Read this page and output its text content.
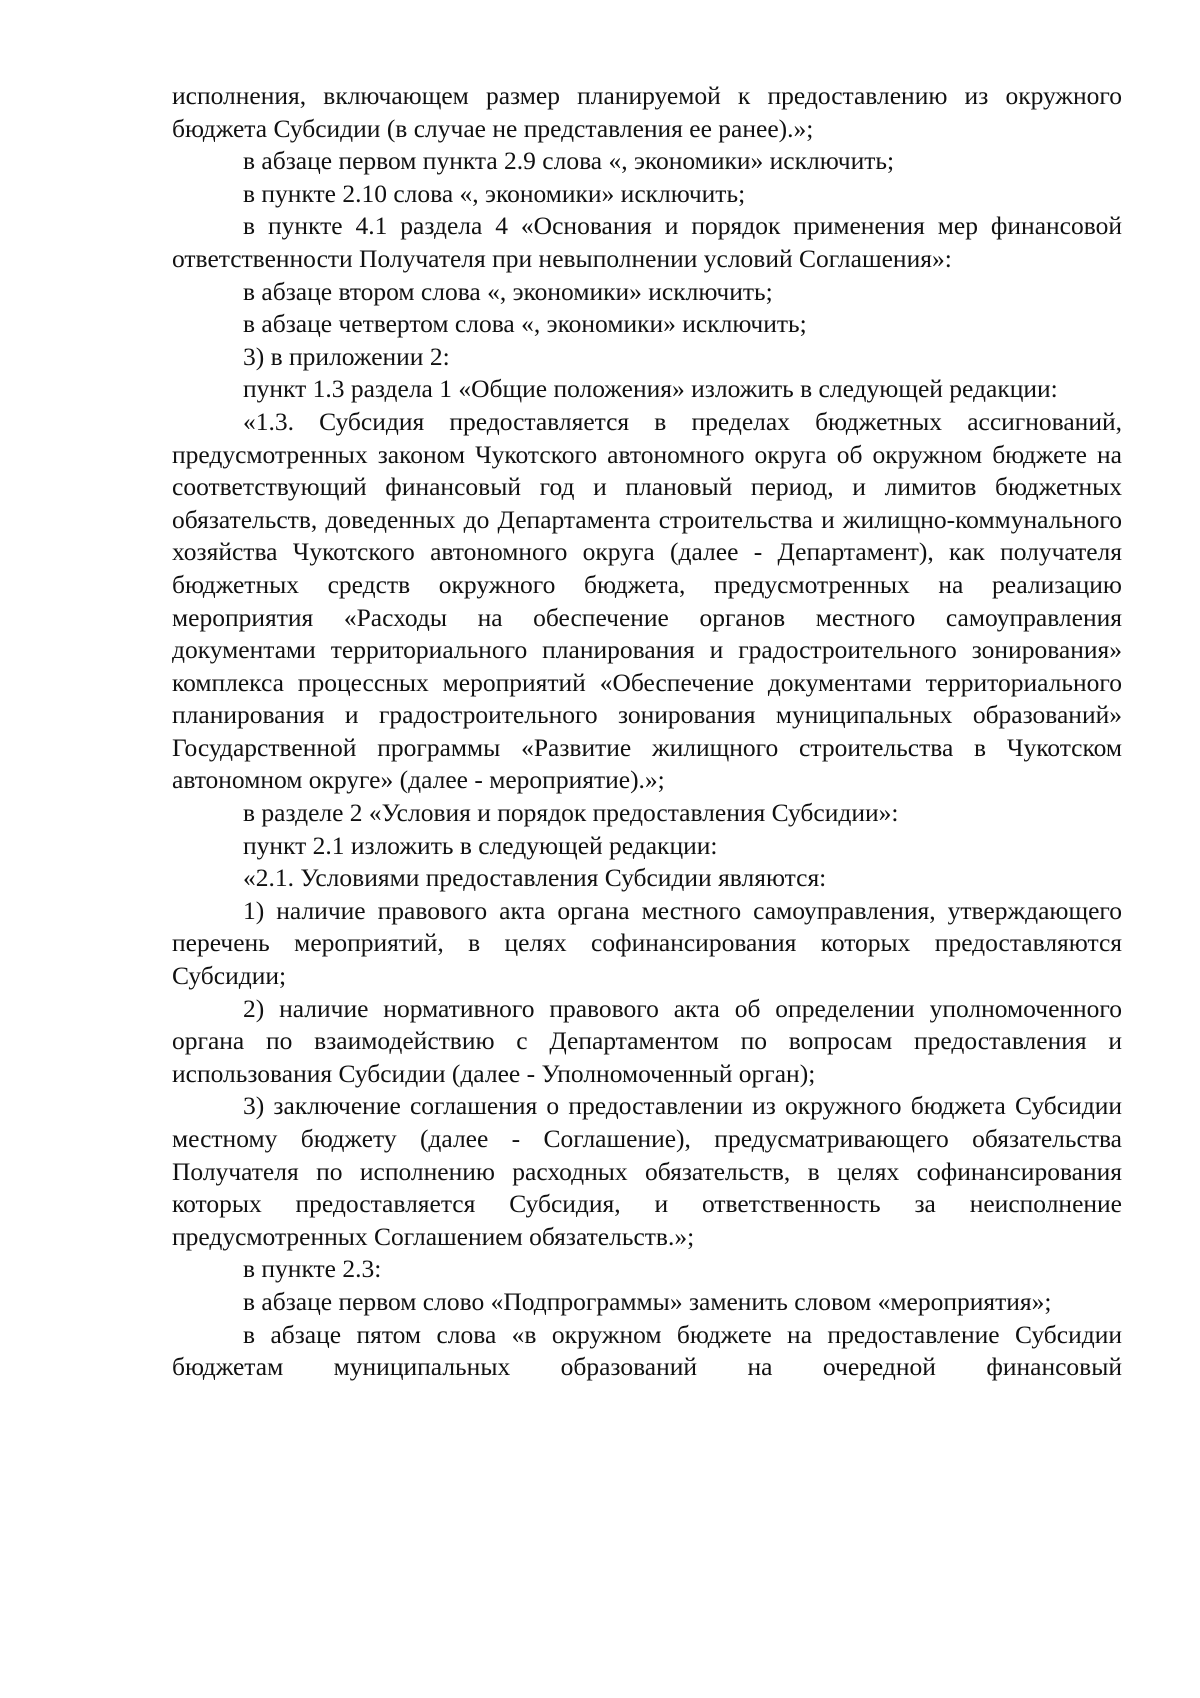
исполнения, включающем размер планируемой к предоставлению из окружного бюджета Субсидии (в случае не представления ее ранее).»;

в абзаце первом пункта 2.9 слова «, экономики» исключить;

в пункте 2.10 слова «, экономики» исключить;

в пункте 4.1 раздела 4 «Основания и порядок применения мер финансовой ответственности Получателя при невыполнении условий Соглашения»:

в абзаце втором слова «, экономики» исключить;

в абзаце четвертом слова «, экономики» исключить;

3) в приложении 2:

пункт 1.3 раздела 1 «Общие положения» изложить в следующей редакции:

«1.3. Субсидия предоставляется в пределах бюджетных ассигнований, предусмотренных законом Чукотского автономного округа об окружном бюджете на соответствующий финансовый год и плановый период, и лимитов бюджетных обязательств, доведенных до Департамента строительства и жилищно-коммунального хозяйства Чукотского автономного округа (далее - Департамент), как получателя бюджетных средств окружного бюджета, предусмотренных на реализацию мероприятия «Расходы на обеспечение органов местного самоуправления документами территориального планирования и градостроительного зонирования» комплекса процессных мероприятий «Обеспечение документами территориального планирования и градостроительного зонирования муниципальных образований» Государственной программы «Развитие жилищного строительства в Чукотском автономном округе» (далее - мероприятие).»;

в разделе 2 «Условия и порядок предоставления Субсидии»:

пункт 2.1 изложить в следующей редакции:

«2.1. Условиями предоставления Субсидии являются:

1) наличие правового акта органа местного самоуправления, утверждающего перечень мероприятий, в целях софинансирования которых предоставляются Субсидии;

2) наличие нормативного правового акта об определении уполномоченного органа по взаимодействию с Департаментом по вопросам предоставления и использования Субсидии (далее - Уполномоченный орган);

3) заключение соглашения о предоставлении из окружного бюджета Субсидии местному бюджету (далее - Соглашение), предусматривающего обязательства Получателя по исполнению расходных обязательств, в целях софинансирования которых предоставляется Субсидия, и ответственность за неисполнение предусмотренных Соглашением обязательств.»;

в пункте 2.3:

в абзаце первом слово «Подпрограммы» заменить словом «мероприятия»;

в абзаце пятом слова «в окружном бюджете на предоставление Субсидии бюджетам муниципальных образований на очередной финансовый
